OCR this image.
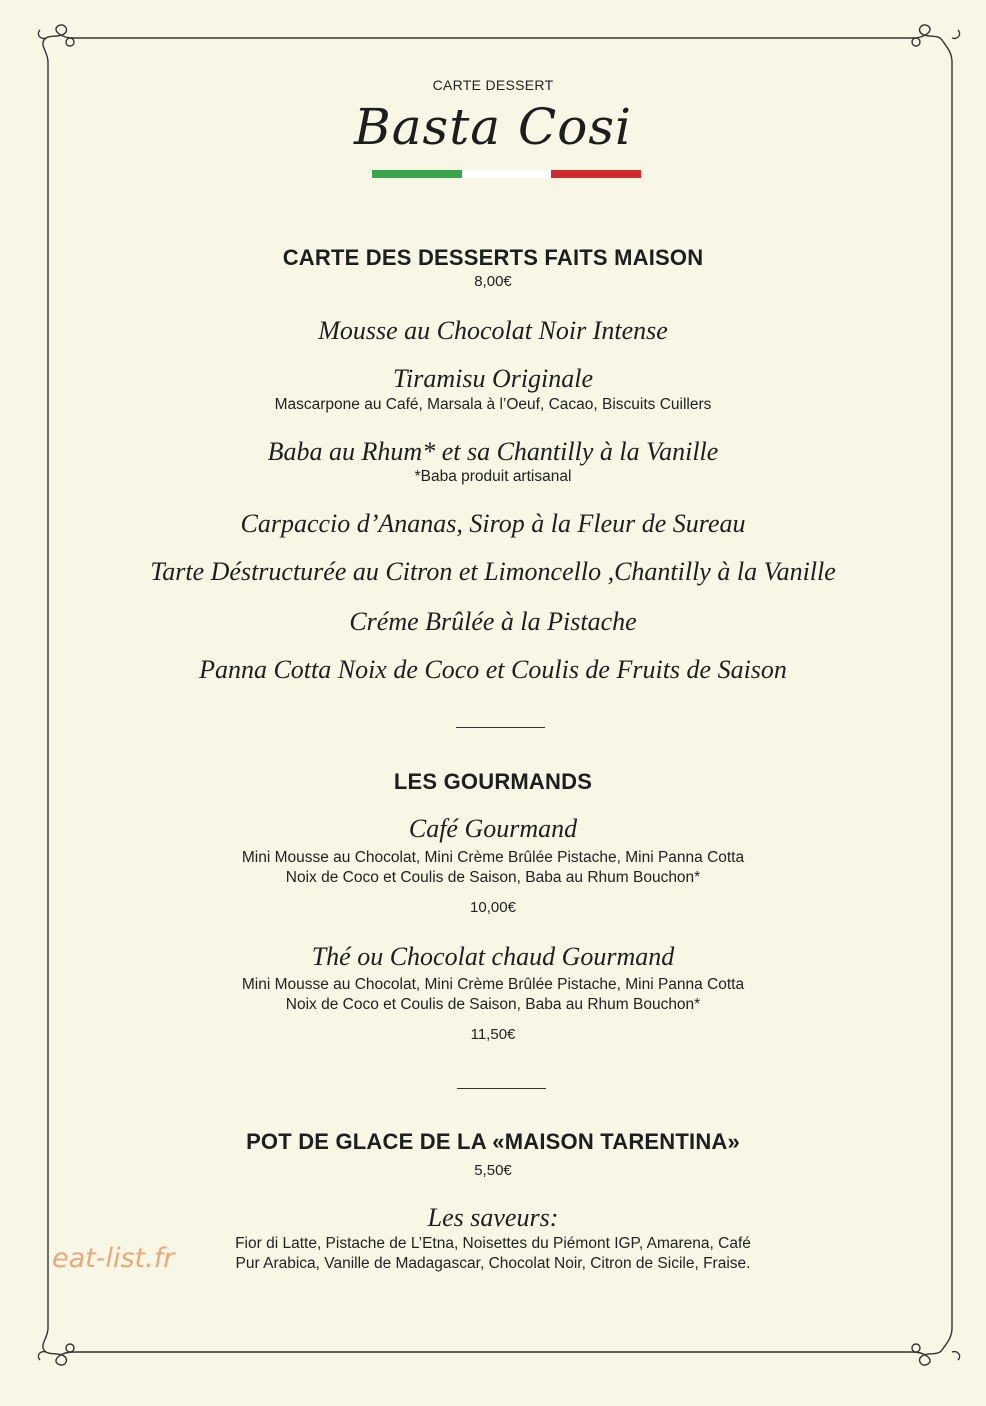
CARTE DESSERT
Basta Cosi
CARTE DES DESSERTS FAITS MAISON
8,00€
Mousse au Chocolat Noir Intense
Tiramisu Originale
Mascarpone au Café, Marsala à l’Oeuf, Cacao, Biscuits Cuillers
Baba au Rhum* et sa Chantilly à la Vanille
*Baba produit artisanal
Carpaccio d’Ananas, Sirop à la Fleur de Sureau
Tarte Déstructurée au Citron et Limoncello ,Chantilly à la Vanille
Créme Brûlée à la Pistache
Panna Cotta Noix de Coco et Coulis de Fruits de Saison
LES GOURMANDS
Café Gourmand
Mini Mousse au Chocolat, Mini Crème Brûlée Pistache, Mini Panna Cotta
Noix de Coco et Coulis de Saison, Baba au Rhum Bouchon*
10,00€
Thé ou Chocolat chaud Gourmand
Mini Mousse au Chocolat, Mini Crème Brûlée Pistache, Mini Panna Cotta
Noix de Coco et Coulis de Saison, Baba au Rhum Bouchon*
11,50€
POT DE GLACE DE LA «MAISON TARENTINA»
5,50€
Les saveurs:
Fior di Latte, Pistache de L’Etna, Noisettes du Piémont IGP, Amarena, Café
Pur Arabica, Vanille de Madagascar, Chocolat Noir, Citron de Sicile, Fraise.
eat-list.fr
